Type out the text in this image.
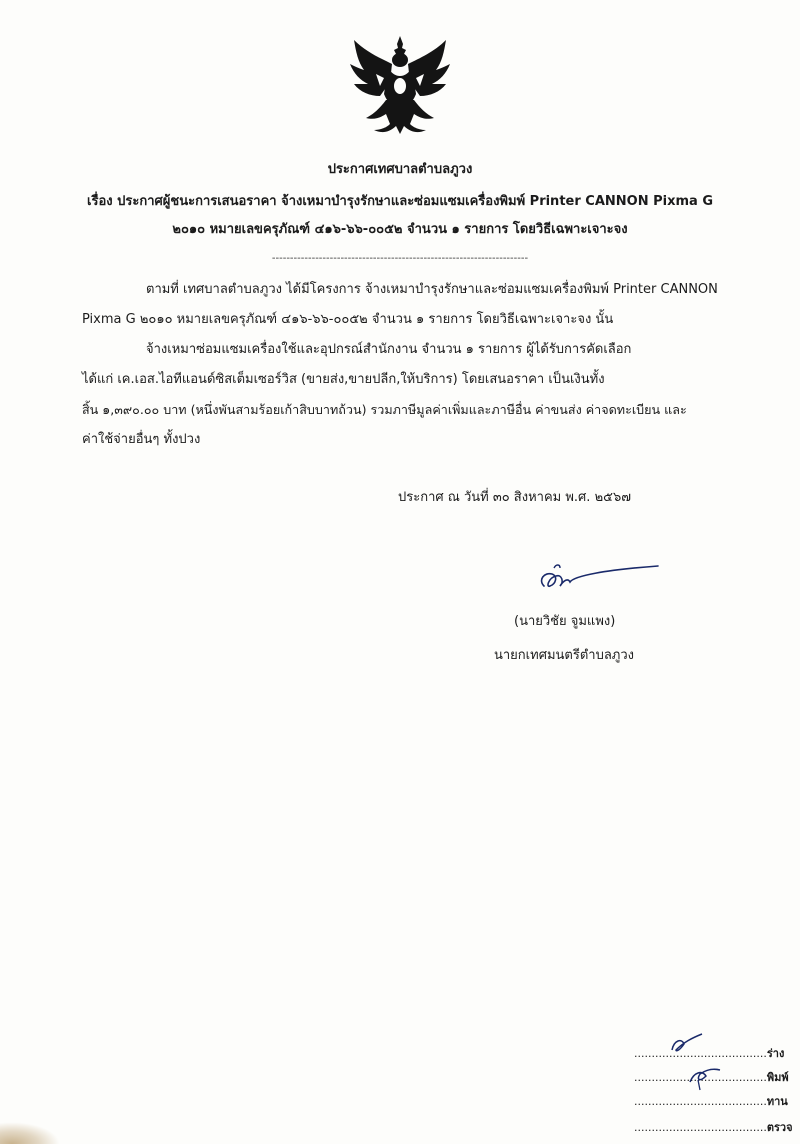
ประกาศเทศบาลตำบลภูวง
เรื่อง ประกาศผู้ชนะการเสนอราคา จ้างเหมาบำรุงรักษาและซ่อมแซมเครื่องพิมพ์ Printer CANNON Pixma G
๒๐๑๐ หมายเลขครุภัณฑ์ ๔๑๖-๖๖-๐๐๕๒ จำนวน ๑ รายการ โดยวิธีเฉพาะเจาะจง
-----------------------------------------------------------------------
ตามที่ เทศบาลตำบลภูวง ได้มีโครงการ จ้างเหมาบำรุงรักษาและซ่อมแซมเครื่องพิมพ์ Printer CANNON
Pixma G ๒๐๑๐ หมายเลขครุภัณฑ์ ๔๑๖-๖๖-๐๐๕๒ จำนวน ๑ รายการ โดยวิธีเฉพาะเจาะจง นั้น
จ้างเหมาซ่อมแซมเครื่องใช้และอุปกรณ์สำนักงาน จำนวน ๑ รายการ ผู้ได้รับการคัดเลือก
ได้แก่ เค.เอส.ไอทีแอนด์ซิสเต็มเซอร์วิส (ขายส่ง,ขายปลีก,ให้บริการ) โดยเสนอราคา เป็นเงินทั้ง
สิ้น ๑,๓๙๐.๐๐ บาท (หนึ่งพันสามร้อยเก้าสิบบาทถ้วน) รวมภาษีมูลค่าเพิ่มและภาษีอื่น ค่าขนส่ง ค่าจดทะเบียน และ
ค่าใช้จ่ายอื่นๆ ทั้งปวง
ประกาศ ณ วันที่ ๓๐ สิงหาคม พ.ศ. ๒๕๖๗
(นายวิชัย จูมแพง)
นายกเทศมนตรีตำบลภูวง
......................................ร่าง
......................................พิมพ์
......................................ทาน
......................................ตรวจ
